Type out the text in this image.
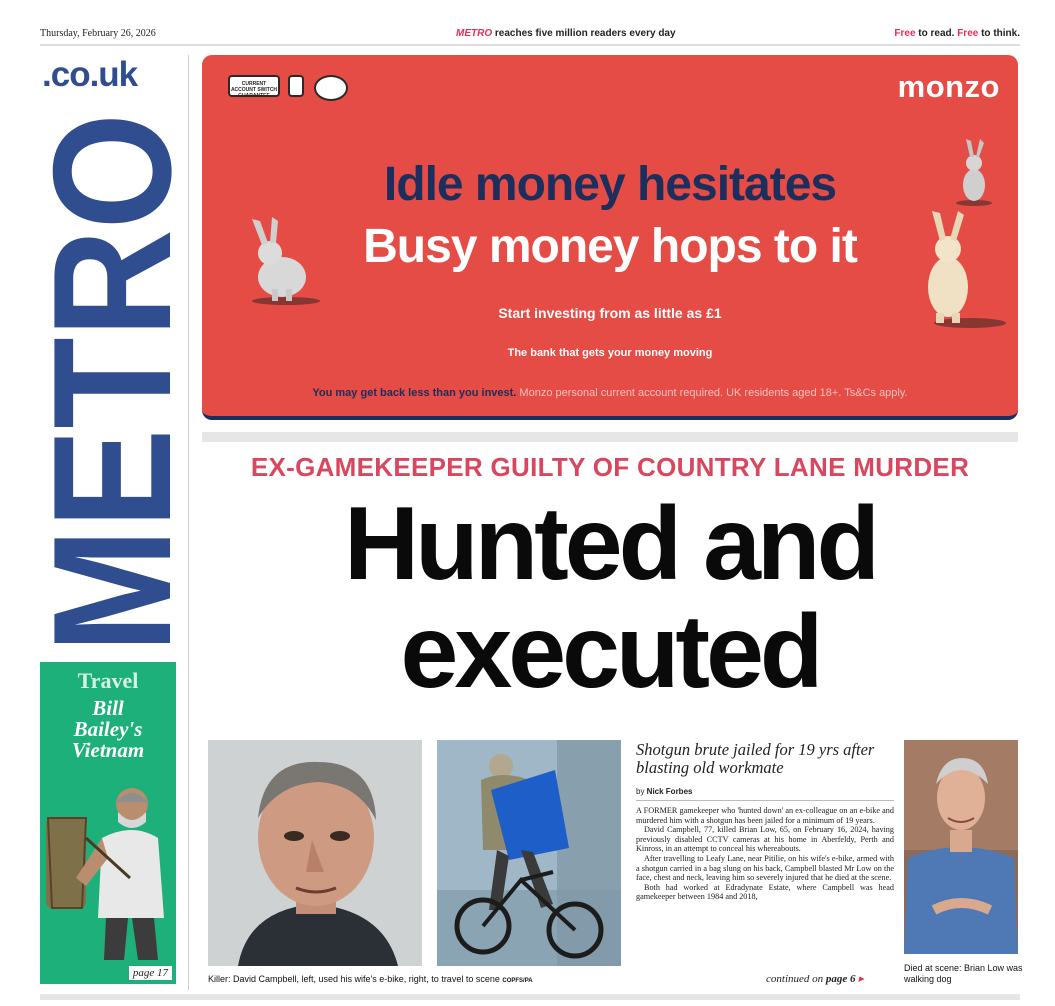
Thursday, February 26, 2026	METRO reaches five million readers every day	Free to read. Free to think.
.co.uk
METR
Travel
Bill
Bailey's
Vietnam
page 17
CURRENT ACCOUNT SWITCH GUARANTEE	monzo
Idle money hesitates
Busy money hops to it
Start investing from as little as £1
The bank that gets your money moving
You may get back less than you invest. Monzo personal current account required. UK residents aged 18+. Ts&Cs apply.
EX-GAMEKEEPER GUILTY OF COUNTRY LANE MURDER
Hunted and
executed
Killer: David Campbell, left, used his wife's e-bike, right, to travel to scene COPFS/PA
Died at scene: Brian Low was walking dog
Shotgun brute jailed for 19 yrs after blasting old workmate
by Nick Forbes

A FORMER gamekeeper who 'hunted down' an ex-colleague on an e-bike and murdered him with a shotgun has been jailed for a minimum of 19 years.

David Campbell, 77, killed Brian Low, 65, on February 16, 2024, having previously disabled CCTV cameras at his home in Aberfeldy, Perth and Kinross, in an attempt to conceal his whereabouts.

After travelling to Leafy Lane, near Pitilie, on his wife's e-bike, armed with a shotgun carried in a bag slung on his back, Campbell blasted Mr Low on the face, chest and neck, leaving him so severely injured that he died at the scene.

Both had worked at Edradynate Estate, where Campbell was head gamekeeper between 1984 and 2018,

continued on page 6 ▸
